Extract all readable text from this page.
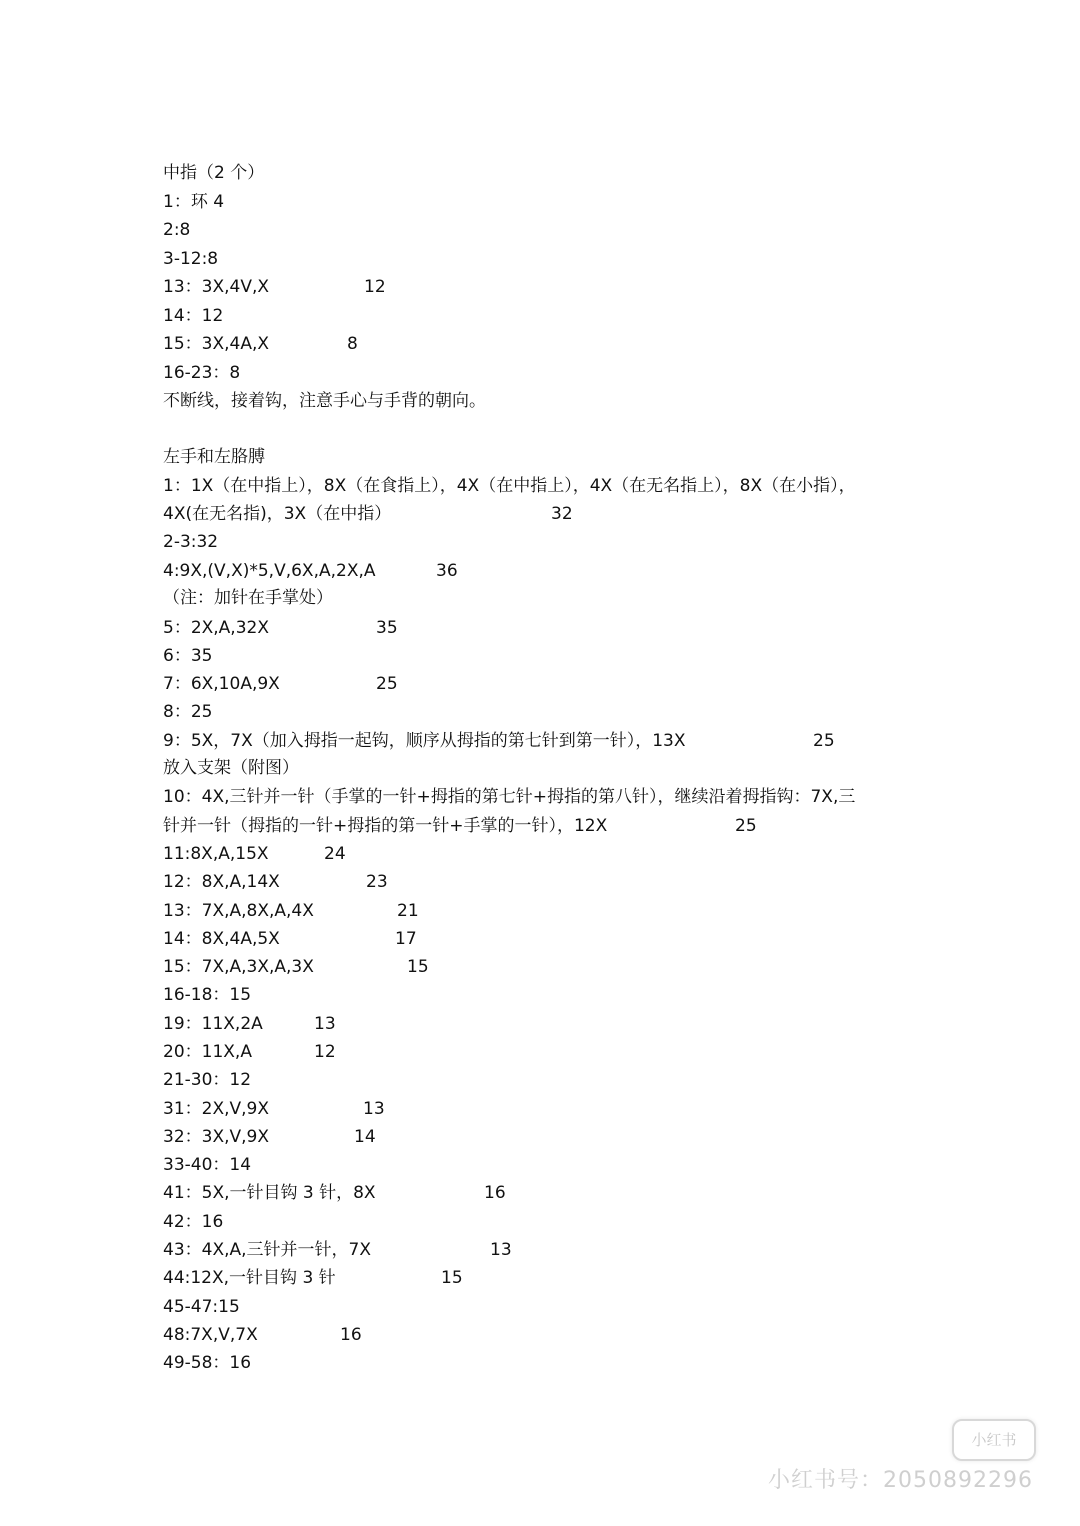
中指（2 个）
1：环 4
2:8
3-12:8
13：3X,4V,X	12
14：12
15：3X,4A,X	8
16-23：8
不断线，接着钩，注意手心与手背的朝向。
左手和左胳膊
1：1X（在中指上），8X（在食指上），4X（在中指上），4X（在无名指上），8X（在小指），
4X(在无名指)，3X（在中指）	32
2-3:32
4:9X,(V,X)*5,V,6X,A,2X,A	36
（注：加针在手掌处）
5：2X,A,32X	35
6：35
7：6X,10A,9X	25
8：25
9：5X，7X（加入拇指一起钩，顺序从拇指的第七针到第一针），13X	25
放入支架（附图）
10：4X,三针并一针（手掌的一针+拇指的第七针+拇指的第八针），继续沿着拇指钩：7X,三
针并一针（拇指的一针+拇指的第一针+手掌的一针），12X	25
11:8X,A,15X	24
12：8X,A,14X	23
13：7X,A,8X,A,4X	21
14：8X,4A,5X	17
15：7X,A,3X,A,3X	15
16-18：15
19：11X,2A	13
20：11X,A	12
21-30：12
31：2X,V,9X	13
32：3X,V,9X	14
33-40：14
41：5X,一针目钩 3 针，8X	16
42：16
43：4X,A,三针并一针，7X	13
44:12X,一针目钩 3 针	15
45-47:15
48:7X,V,7X	16
49-58：16
小红书
小红书号：2050892296
